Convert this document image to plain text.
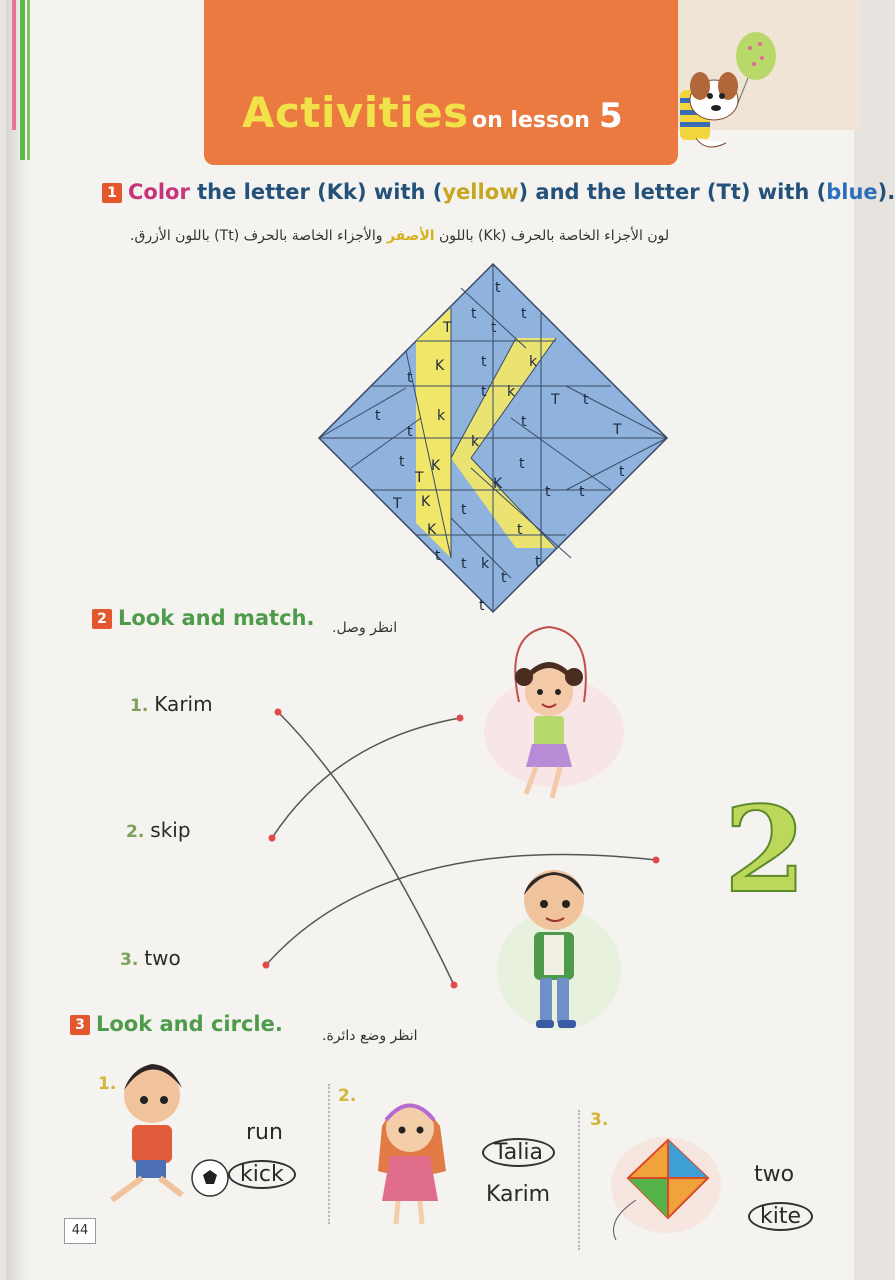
Activities on lesson 5
1 Color the letter (Kk) with (yellow) and the letter (Tt) with (blue).
لون الأجزاء الخاصة بالحرف (Kk) باللون الأصفر والأجزاء الخاصة بالحرف (Tt) باللون الأزرق.
t
t	t
T	t
K	t	k
t
k
T t
t k
t
k
T
t
K
K
t	t
t t
t
T
t
t
K	t
t t k
t
t
K
T
t
2 Look and match. انظر وصل.
1. Karim
2. skip
3. two
2
3 Look and circle.	انظر وضع دائرة.
1.
2.
3.
run
kick
Talia
Karim
two
kite
44
